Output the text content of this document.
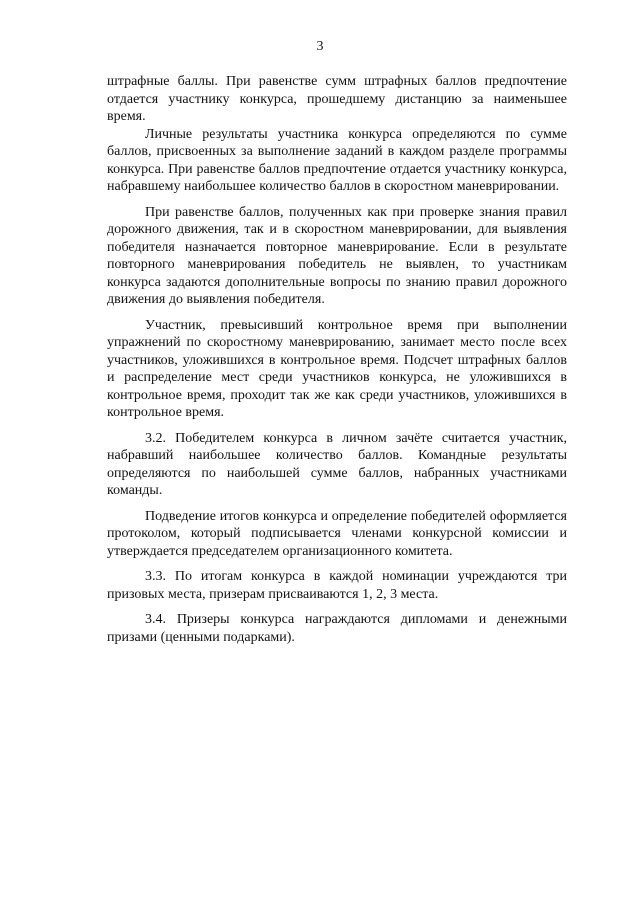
3

штрафные баллы. При равенстве сумм штрафных баллов предпочтение отдается участнику конкурса, прошедшему дистанцию за наименьшее время.

Личные результаты участника конкурса определяются по сумме баллов, присвоенных за выполнение заданий в каждом разделе программы конкурса. При равенстве баллов предпочтение отдается участнику конкурса, набравшему наибольшее количество баллов в скоростном маневрировании.

При равенстве баллов, полученных как при проверке знания правил дорожного движения, так и в скоростном маневрировании, для выявления победителя назначается повторное маневрирование. Если в результате повторного маневрирования победитель не выявлен, то участникам конкурса задаются дополнительные вопросы по знанию правил дорожного движения до выявления победителя.

Участник, превысивший контрольное время при выполнении упражнений по скоростному маневрированию, занимает место после всех участников, уложившихся в контрольное время. Подсчет штрафных баллов и распределение мест среди участников конкурса, не уложившихся в контрольное время, проходит так же как среди участников, уложившихся в контрольное время.

3.2. Победителем конкурса в личном зачёте считается участник, набравший наибольшее количество баллов. Командные результаты определяются по наибольшей сумме баллов, набранных участниками команды.

Подведение итогов конкурса и определение победителей оформляется протоколом, который подписывается членами конкурсной комиссии и утверждается председателем организационного комитета.

3.3. По итогам конкурса в каждой номинации учреждаются три призовых места, призерам присваиваются 1, 2, 3 места.

3.4. Призеры конкурса награждаются дипломами и денежными призами (ценными подарками).
